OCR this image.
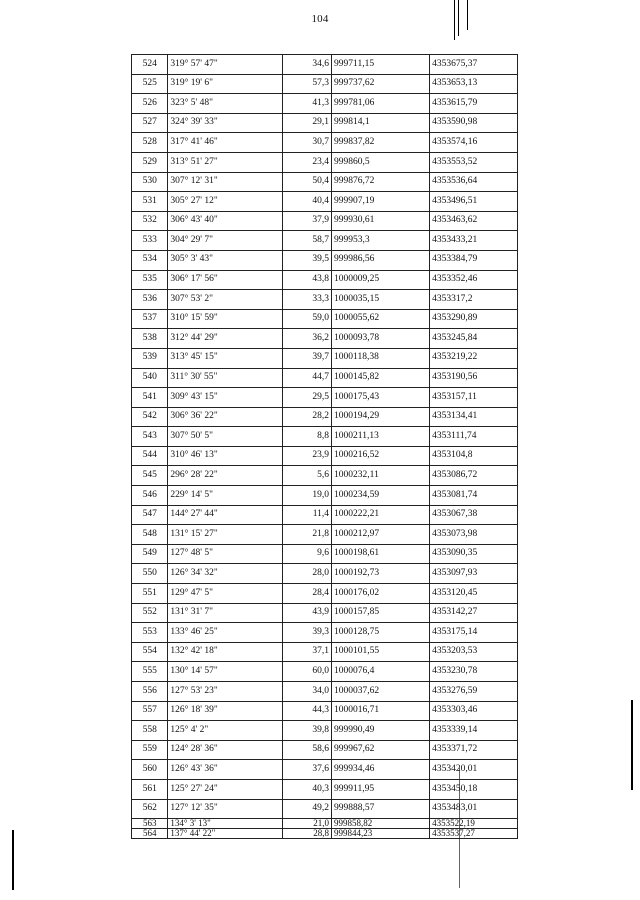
104
524	319° 57' 47"	34,6	999711,15	4353675,37
525	319° 19' 6"	57,3	999737,62	4353653,13
526	323° 5' 48"	41,3	999781,06	4353615,79
527	324° 39' 33"	29,1	999814,1	4353590,98
528	317° 41' 46"	30,7	999837,82	4353574,16
529	313° 51' 27"	23,4	999860,5	4353553,52
530	307° 12' 31"	50,4	999876,72	4353536,64
531	305° 27' 12"	40,4	999907,19	4353496,51
532	306° 43' 40"	37,9	999930,61	4353463,62
533	304° 29' 7"	58,7	999953,3	4353433,21
534	305° 3' 43"	39,5	999986,56	4353384,79
535	306° 17' 56"	43,8	1000009,25	4353352,46
536	307° 53' 2"	33,3	1000035,15	4353317,2
537	310° 15' 59"	59,0	1000055,62	4353290,89
538	312° 44' 29"	36,2	1000093,78	4353245,84
539	313° 45' 15"	39,7	1000118,38	4353219,22
540	311° 30' 55"	44,7	1000145,82	4353190,56
541	309° 43' 15"	29,5	1000175,43	4353157,11
542	306° 36' 22"	28,2	1000194,29	4353134,41
543	307° 50' 5"	8,8	1000211,13	4353111,74
544	310° 46' 13"	23,9	1000216,52	4353104,8
545	296° 28' 22"	5,6	1000232,11	4353086,72
546	229° 14' 5"	19,0	1000234,59	4353081,74
547	144° 27' 44"	11,4	1000222,21	4353067,38
548	131° 15' 27"	21,8	1000212,97	4353073,98
549	127° 48' 5"	9,6	1000198,61	4353090,35
550	126° 34' 32"	28,0	1000192,73	4353097,93
551	129° 47' 5"	28,4	1000176,02	4353120,45
552	131° 31' 7"	43,9	1000157,85	4353142,27
553	133° 46' 25"	39,3	1000128,75	4353175,14
554	132° 42' 18"	37,1	1000101,55	4353203,53
555	130° 14' 57"	60,0	1000076,4	4353230,78
556	127° 53' 23"	34,0	1000037,62	4353276,59
557	126° 18' 39"	44,3	1000016,71	4353303,46
558	125° 4' 2"	39,8	999990,49	4353339,14
559	124° 28' 36"	58,6	999967,62	4353371,72
560	126° 43' 36"	37,6	999934,46	4353420,01
561	125° 27' 24"	40,3	999911,95	4353450,18
562	127° 12' 35"	49,2	999888,57	4353483,01
563	134° 3' 13"	21,0	999858,82	4353522,19
564	137° 44' 22"	28,8	999844,23	4353537,27
